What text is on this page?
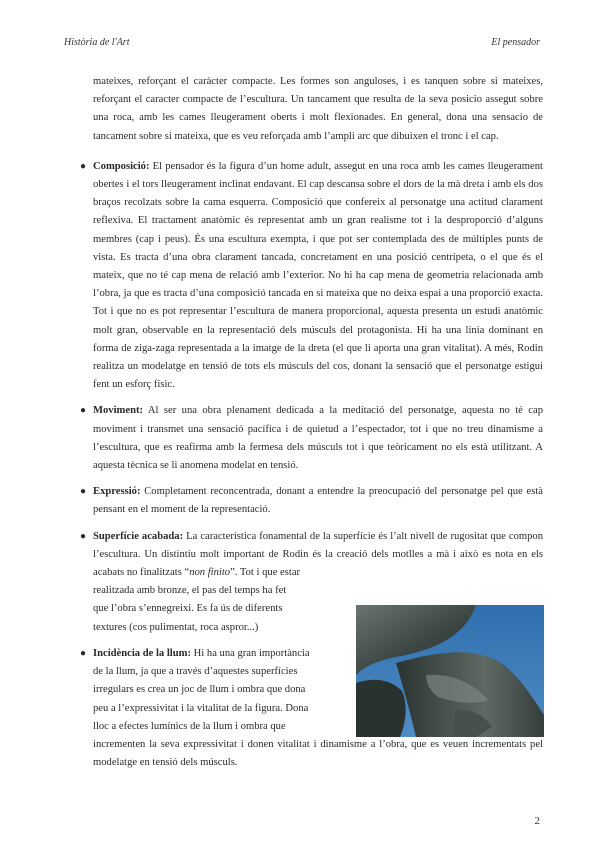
Història de l'Art	El pensador

mateixes, reforçant el caràcter compacte. Les formes son anguloses, i es tanquen sobre si mateixes, reforçant el caracter compacte de l’escultura. Un tancament que resulta de la seva posicio assegut sobre una roca, amb les cames lleugerament oberts i molt flexionades. En general, dona una sensacio de tancament sobre si mateixa, que es veu reforçada amb l’ampli arc que dibuixen el tronc i el cap.

● Composició: El pensador és la figura d’un home adult, assegut en una roca amb les cames lleugerament obertes i el tors lleugerament inclinat endavant. El cap descansa sobre el dors de la mà dreta i amb els dos braços recolzats sobre la cama esquerra. Composició que confereix al personatge una actitud clarament reflexiva. El tractament anatòmic és representat amb un gran realisme tot i la desproporció d’alguns membres (cap i peus). És una escultura exempta, i que pot ser contemplada des de múltiples punts de vista. Es tracta d’una obra clarament tancada, concretament en una posició centrípeta, o el que és el mateix, que no té cap mena de relació amb l’exterior. No hi ha cap mena de geometria relacionada amb l’obra, ja que es tracta d’una composició tancada en si mateixa que no deixa espai a una proporció exacta. Tot i que no es pot representar l’escultura de manera proporcional, aquesta presenta un estudi anatòmic molt gran, observable en la representació dels músculs del protagonista. Hi ha una línia dominant en forma de ziga-zaga representada a la imatge de la dreta (el que li aporta una gran vitalitat). A més, Rodin realitza un modelatge en tensió de tots els músculs del cos, donant la sensació que el personatge estigui fent un esforç físic.

● Moviment: Al ser una obra plenament dedicada a la meditació del personatge, aquesta no té cap moviment i transmet una sensació pacífica i de quietud a l’espectador, tot i que no treu dinamisme a l’escultura, que es reafirma amb la fermesa dels músculs tot i que teòricament no els està utilitzant. A aquesta tècnica se li anomena modelat en tensió.

● Expressió: Completament reconcentrada, donant a entendre la preocupació del personatge pel que està pensant en el moment de la representació.

● Superfície acabada: La característica fonamental de la superfície és l’alt nivell de rugositat que compon l’escultura. Un distintiu molt important de Rodin és la creació dels motlles a mà i això es nota en els acabats no finalitzats “non finito”. Tot i que estar

realitzada amb bronze, el pas del temps ha fet
que l’obra s’ennegreixi. Es fa ús de diferents
textures (cos pulimentat, roca aspror...)
● Incidència de la llum: Hi ha una gran importància
de la llum, ja que a través d’aquestes superfícies
irregulars es crea un joc de llum i ombra que dona
peu a l’expressivitat i la vitalitat de la figura. Dona
lloc a efectes lumínics de la llum i ombra que

incrementen la seva expressivitat i donen vitalitat i dinamisme a l’obra, que es veuen incrementats pel modelatge en tensió dels músculs.

2
